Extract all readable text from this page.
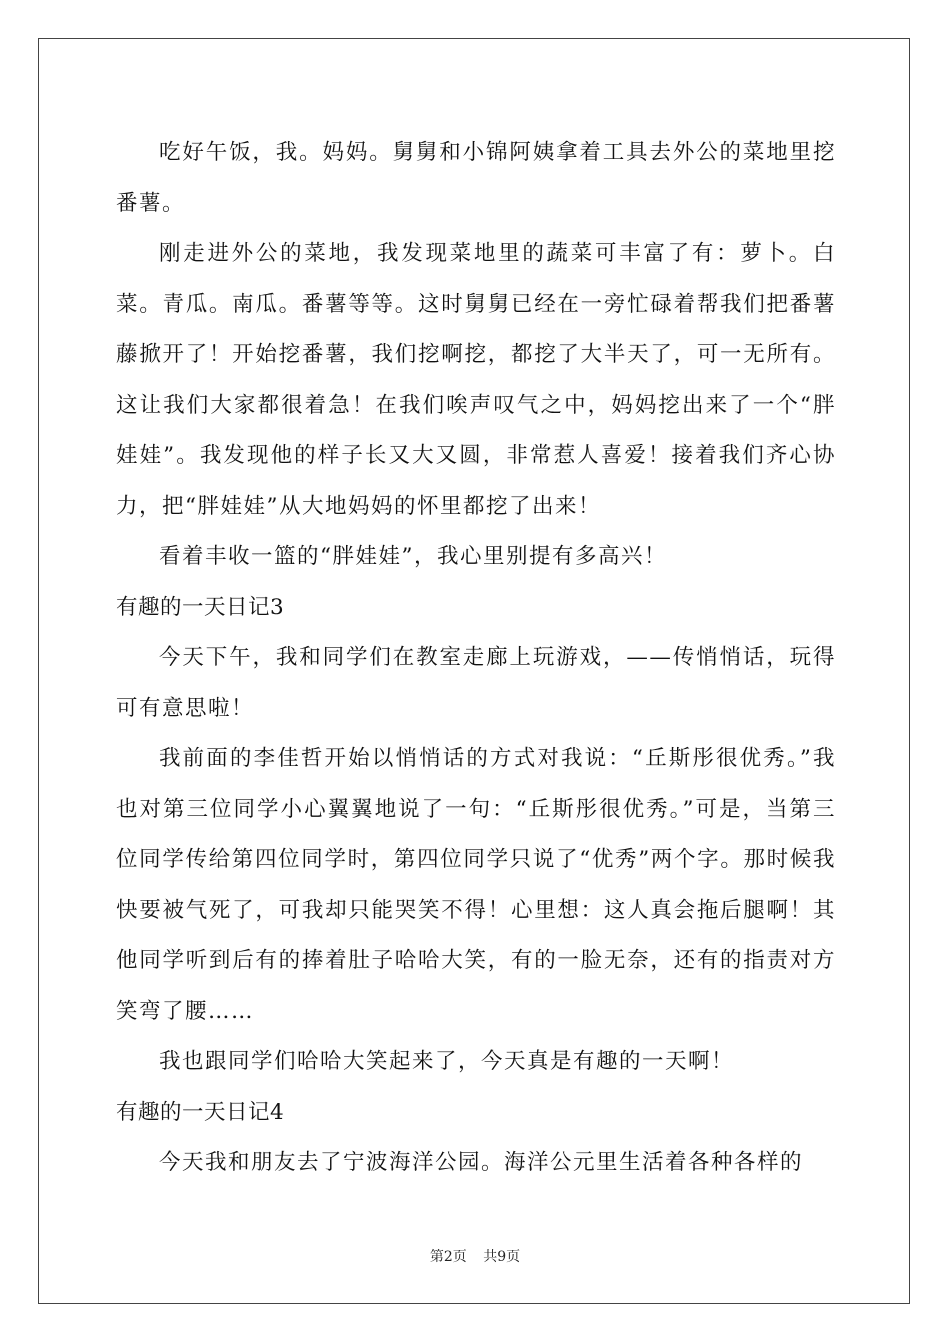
吃好午饭，我。妈妈。舅舅和小锦阿姨拿着工具去外公的菜地里挖番薯。

刚走进外公的菜地，我发现菜地里的蔬菜可丰富了有：萝卜。白菜。青瓜。南瓜。番薯等等。这时舅舅已经在一旁忙碌着帮我们把番薯藤掀开了！开始挖番薯，我们挖啊挖，都挖了大半天了，可一无所有。这让我们大家都很着急！在我们唉声叹气之中，妈妈挖出来了一个“胖娃娃”。我发现他的样子长又大又圆，非常惹人喜爱！接着我们齐心协力，把“胖娃娃”从大地妈妈的怀里都挖了出来！

看着丰收一篮的“胖娃娃”，我心里别提有多高兴！

有趣的一天日记3

今天下午，我和同学们在教室走廊上玩游戏，——传悄悄话，玩得可有意思啦！

我前面的李佳哲开始以悄悄话的方式对我说：“丘斯彤很优秀。”我也对第三位同学小心翼翼地说了一句：“丘斯彤很优秀。”可是，当第三位同学传给第四位同学时，第四位同学只说了“优秀”两个字。那时候我快要被气死了，可我却只能哭笑不得！心里想：这人真会拖后腿啊！其他同学听到后有的捧着肚子哈哈大笑，有的一脸无奈，还有的指责对方笑弯了腰……

我也跟同学们哈哈大笑起来了，今天真是有趣的一天啊！

有趣的一天日记4

今天我和朋友去了宁波海洋公园。海洋公元里生活着各种各样的

第2页 共9页
